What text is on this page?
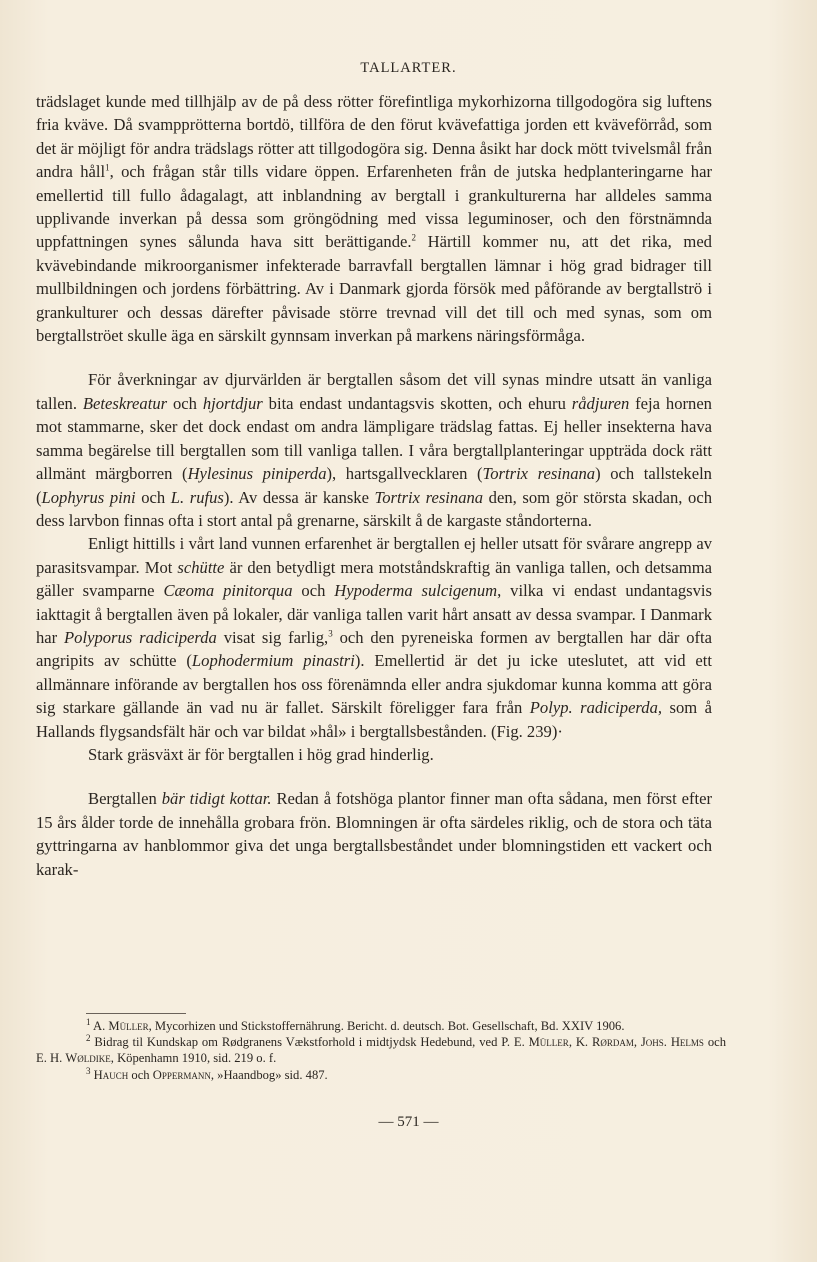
TALLARTER.

trädslaget kunde med tillhjälp av de på dess rötter förefintliga mykorhizorna tillgodogöra sig luftens fria kväve. Då svampprötterna bortdö, tillföra de den förut kvävefattiga jorden ett kväveförråd, som det är möjligt för andra trädslags rötter att tillgodogöra sig. Denna åsikt har dock mött tvivelsmål från andra håll$^1$, och frågan står tills vidare öppen. Erfarenheten från de jutska hedplanteringarne har emellertid till fullo ådagalagt, att inblandning av bergtall i grankulturerna har alldeles samma upplivande inverkan på dessa som gröngödning med vissa leguminoser, och den förstnämnda uppfattningen synes sålunda hava sitt berättigande.$^2$ Härtill kommer nu, att det rika, med kvävebindande mikroorganismer infekterade barravfall bergtallen lämnar i hög grad bidrager till mullbildningen och jordens förbättring. Av i Danmark gjorda försök med påförande av bergtallströ i grankulturer och dessas därefter påvisade större trevnad vill det till och med synas, som om bergtallströet skulle äga en särskilt gynnsam inverkan på markens näringsförmåga.

För åverkningar av djurvärlden är bergtallen såsom det vill synas mindre utsatt än vanliga tallen. Beteskreatur och hjortdjur bita endast undantagsvis skotten, och ehuru rådjuren feja hornen mot stammarne, sker det dock endast om andra lämpligare trädslag fattas. Ej heller insekterna hava samma begärelse till bergtallen som till vanliga tallen. I våra bergtallplanteringar uppträda dock rätt allmänt märgborren (Hylesinus piniperda), hartsgallvecklaren (Tortrix resinana) och tallstekeln (Lophyrus pini och L. rufus). Av dessa är kanske Tortrix resinana den, som gör största skadan, och dess larvbon finnas ofta i stort antal på grenarne, särskilt å de kargaste ståndorterna.

Enligt hittills i vårt land vunnen erfarenhet är bergtallen ej heller utsatt för svårare angrepp av parasitsvampar. Mot schütte är den betydligt mera motståndskraftig än vanliga tallen, och detsamma gäller svamparne Cæoma pinitorqua och Hypoderma sulcigenum, vilka vi endast undantagsvis iakttagit å bergtallen även på lokaler, där vanliga tallen varit hårt ansatt av dessa svampar. I Danmark har Polyporus radiciperda visat sig farlig,$^3$ och den pyreneiska formen av bergtallen har där ofta angripits av schütte (Lophodermium pinastri). Emellertid är det ju icke uteslutet, att vid ett allmännare införande av bergtallen hos oss förenämnda eller andra sjukdomar kunna komma att göra sig starkare gällande än vad nu är fallet. Särskilt föreligger fara från Polyp. radiciperda, som å Hallands flygsandsfält här och var bildat »hål» i bergtallsbestånden. (Fig. 239)·

Stark gräsväxt är för bergtallen i hög grad hinderlig.

Bergtallen bär tidigt kottar. Redan å fotshöga plantor finner man ofta sådana, men först efter 15 års ålder torde de innehålla grobara frön. Blomningen är ofta särdeles riklig, och de stora och täta gyttringarna av hanblommor giva det unga bergtallsbeståndet under blomningstiden ett vackert och karak-

$^1$ A. Müller, Mycorhizen und Stickstoffernährung. Bericht. d. deutsch. Bot. Gesellschaft, Bd. XXIV 1906.

$^2$ Bidrag til Kundskap om Rødgranens Vækstforhold i midtjydsk Hedebund, ved P. E. Müller, K. Rørdam, Johs. Helms och E. H. Wøldike, Köpenhamn 1910, sid. 219 o. f.

$^3$ Hauch och Oppermann, »Haandbog» sid. 487.

— 571 —
